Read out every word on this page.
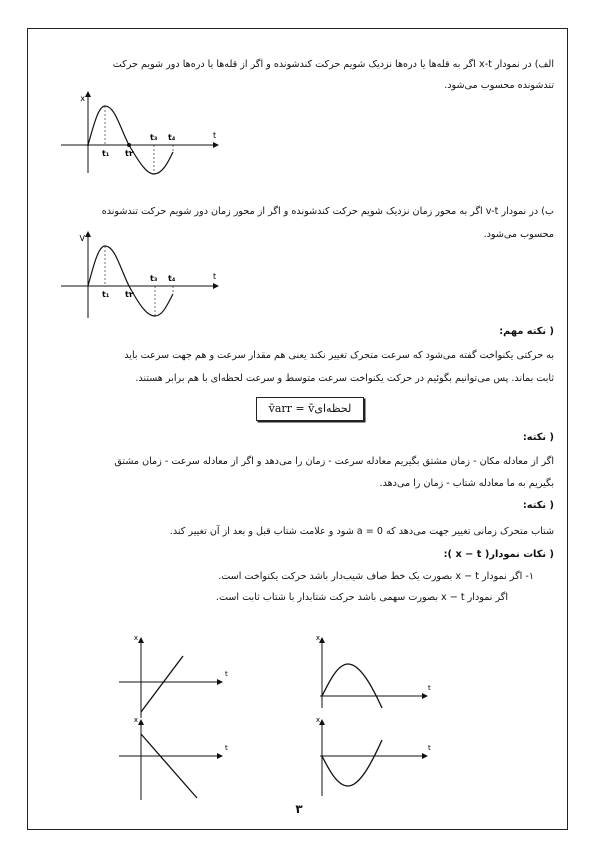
الف) در نمودار x-t اگر به قله‌ها یا دره‌ها نزدیک شویم حرکت کندشونده و اگر از قله‌ها یا دره‌ها دور شویم حرکت
تندشونده محسوب می‌شود.
x
t
t₁ t۲
t₃ t₄
ب) در نمودار v-t اگر به محور زمان نزدیک شویم حرکت کندشونده و اگر از محور زمان دور شویم حرکت تندشونده
محسوب می‌شود.
V
t
t₁ t۲
t₃ t₄
( نکته مهم:
به حرکتی یکنواخت گفته می‌شود که سرعت متحرک تغییر نکند یعنی هم مقدار سرعت و هم جهت سرعت باید
ثابت بماند. پس می‌توانیم بگوئیم در حرکت یکنواخت سرعت متوسط و سرعت لحظه‌ای با هم برابر هستند.
v̄arr = v̄لحظه‌ای
( نکته:
اگر از معادله مکان - زمان مشتق بگیریم معادله سرعت - زمان را می‌دهد و اگر از معادله سرعت - زمان مشتق
بگیریم به ما معادله شتاب - زمان را می‌دهد.
( نکته:
شتاب متحرک زمانی تغییر جهت می‌دهد که a = 0 شود و علامت شتاب قبل و بعد از آن تغییر کند.
( نکات نمودار( x − t ):
۱- اگر نمودار x − t بصورت یک خط صاف شیب‌دار باشد حرکت یکنواخت است.
اگر نمودار x − t بصورت سهمی باشد حرکت شتابدار با شتاب ثابت است.
x
t
x
t
x
t
x
t
۳
